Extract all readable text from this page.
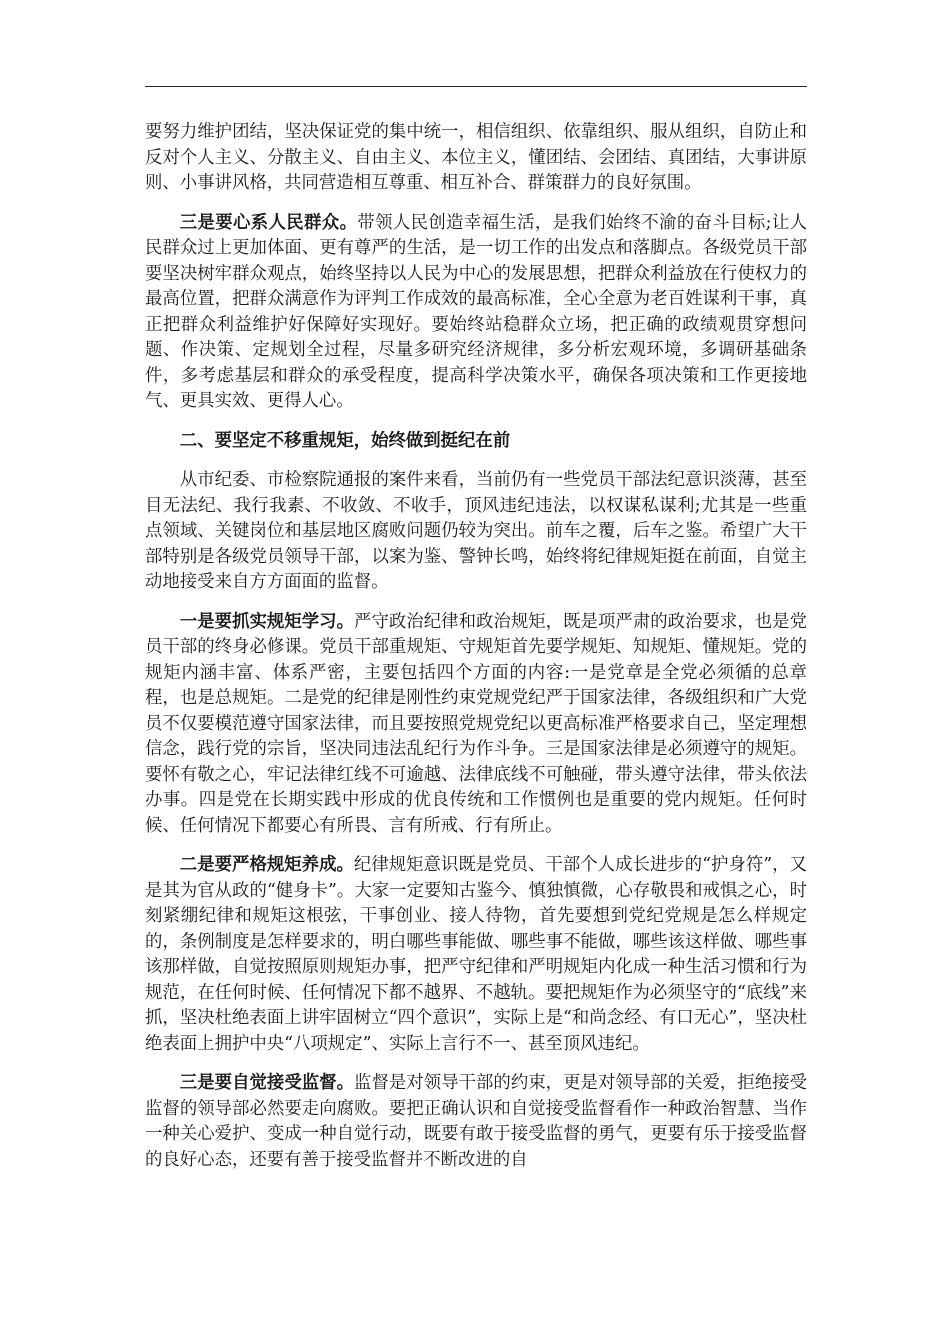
要努力维护团结，坚决保证党的集中统一，相信组织、依靠组织、服从组织，自防止和反对个人主义、分散主义、自由主义、本位主义，懂团结、会团结、真团结，大事讲原则、小事讲风格，共同营造相互尊重、相互补合、群策群力的良好氛围。

三是要心系人民群众。带领人民创造幸福生活，是我们始终不渝的奋斗目标;让人民群众过上更加体面、更有尊严的生活，是一切工作的出发点和落脚点。各级党员干部要坚决树牢群众观点，始终坚持以人民为中心的发展思想，把群众利益放在行使权力的最高位置，把群众满意作为评判工作成效的最高标准，全心全意为老百姓谋利干事，真正把群众利益维护好保障好实现好。要始终站稳群众立场，把正确的政绩观贯穿想问题、作决策、定规划全过程，尽量多研究经济规律，多分析宏观环境，多调研基础条件，多考虑基层和群众的承受程度，提高科学决策水平，确保各项决策和工作更接地气、更具实效、更得人心。

二、要坚定不移重规矩，始终做到挺纪在前

从市纪委、市检察院通报的案件来看，当前仍有一些党员干部法纪意识淡薄，甚至目无法纪、我行我素、不收敛、不收手，顶风违纪违法，以权谋私谋利;尤其是一些重点领域、关键岗位和基层地区腐败问题仍较为突出。前车之覆，后车之鉴。希望广大干部特别是各级党员领导干部，以案为鉴、警钟长鸣，始终将纪律规矩挺在前面，自觉主动地接受来自方方面面的监督。

一是要抓实规矩学习。严守政治纪律和政治规矩，既是项严肃的政治要求，也是党员干部的终身必修课。党员干部重规矩、守规矩首先要学规矩、知规矩、懂规矩。党的规矩内涵丰富、体系严密，主要包括四个方面的内容:一是党章是全党必须循的总章程，也是总规矩。二是党的纪律是刚性约束党规党纪严于国家法律，各级组织和广大党员不仅要模范遵守国家法律，而且要按照党规党纪以更高标准严格要求自己，坚定理想信念，践行党的宗旨，坚决同违法乱纪行为作斗争。三是国家法律是必须遵守的规矩。要怀有敬之心，牢记法律红线不可逾越、法律底线不可触碰，带头遵守法律，带头依法办事。四是党在长期实践中形成的优良传统和工作惯例也是重要的党内规矩。任何时候、任何情况下都要心有所畏、言有所戒、行有所止。

二是要严格规矩养成。纪律规矩意识既是党员、干部个人成长进步的“护身符”，又是其为官从政的“健身卡”。大家一定要知古鉴今、慎独慎微，心存敬畏和戒惧之心，时刻紧绷纪律和规矩这根弦，干事创业、接人待物，首先要想到党纪党规是怎么样规定的，条例制度是怎样要求的，明白哪些事能做、哪些事不能做，哪些该这样做、哪些事该那样做，自觉按照原则规矩办事，把严守纪律和严明规矩内化成一种生活习惯和行为规范，在任何时候、任何情况下都不越界、不越轨。要把规矩作为必须坚守的“底线”来抓，坚决杜绝表面上讲牢固树立“四个意识”，实际上是“和尚念经、有口无心”，坚决杜绝表面上拥护中央“八项规定”、实际上言行不一、甚至顶风违纪。

三是要自觉接受监督。监督是对领导干部的约束，更是对领导部的关爱，拒绝接受监督的领导部必然要走向腐败。要把正确认识和自觉接受监督看作一种政治智慧、当作一种关心爱护、变成一种自觉行动，既要有敢于接受监督的勇气，更要有乐于接受监督的良好心态，还要有善于接受监督并不断改进的自
